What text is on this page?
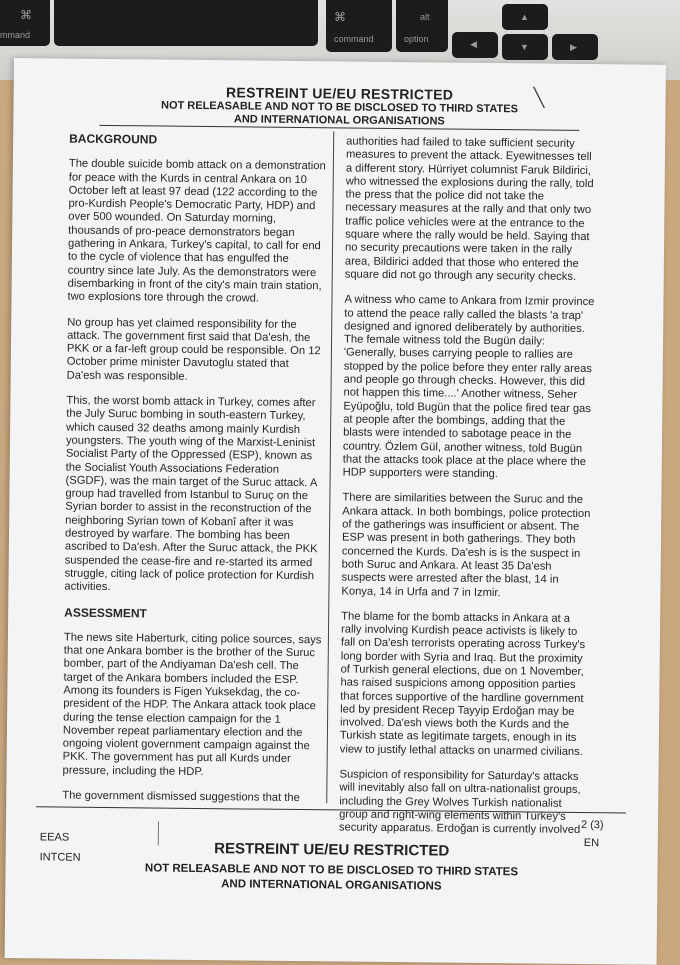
⌘
mmand
⌘
command
alt
option	◀
▲
▼	▶
RESTREINT UE/EU RESTRICTED
NOT RELEASABLE AND NOT TO BE DISCLOSED TO THIRD STATES
AND INTERNATIONAL ORGANISATIONS
╲
BACKGROUND

The double suicide bomb attack on a demonstration for peace with the Kurds in central Ankara on 10 October left at least 97 dead (122 according to the pro-Kurdish People's Democratic Party, HDP) and over 500 wounded. On Saturday morning, thousands of pro-peace demonstrators began gathering in Ankara, Turkey's capital, to call for end to the cycle of violence that has engulfed the country since late July. As the demonstrators were disembarking in front of the city's main train station, two explosions tore through the crowd.

No group has yet claimed responsibility for the attack. The government first said that Da'esh, the PKK or a far-left group could be responsible. On 12 October prime minister Davutoglu stated that Da'esh was responsible.

This, the worst bomb attack in Turkey, comes after the July Suruc bombing in south-eastern Turkey, which caused 32 deaths among mainly Kurdish youngsters. The youth wing of the Marxist-Leninist Socialist Party of the Oppressed (ESP), known as the Socialist Youth Associations Federation (SGDF), was the main target of the Suruc attack. A group had travelled from Istanbul to Suruç on the Syrian border to assist in the reconstruction of the neighboring Syrian town of Kobanî after it was destroyed by warfare. The bombing has been ascribed to Da'esh. After the Suruc attack, the PKK suspended the cease-fire and re-started its armed struggle, citing lack of police protection for Kurdish activities.

ASSESSMENT

The news site Haberturk, citing police sources, says that one Ankara bomber is the brother of the Suruc bomber, part of the Andiyaman Da'esh cell. The target of the Ankara bombers included the ESP. Among its founders is Figen Yuksekdag, the co-president of the HDP. The Ankara attack took place during the tense election campaign for the 1 November repeat parliamentary election and the ongoing violent government campaign against the PKK. The government has put all Kurds under pressure, including the HDP.

The government dismissed suggestions that the

authorities had failed to take sufficient security measures to prevent the attack. Eyewitnesses tell a different story. Hürriyet columnist Faruk Bildirici, who witnessed the explosions during the rally, told the press that the police did not take the necessary measures at the rally and that only two traffic police vehicles were at the entrance to the square where the rally would be held. Saying that no security precautions were taken in the rally area, Bildirici added that those who entered the square did not go through any security checks.

A witness who came to Ankara from Izmir province to attend the peace rally called the blasts 'a trap' designed and ignored deliberately by authorities. The female witness told the Bugün daily: 'Generally, buses carrying people to rallies are stopped by the police before they enter rally areas and people go through checks. However, this did not happen this time....' Another witness, Seher Eyüpoğlu, told Bugün that the police fired tear gas at people after the bombings, adding that the blasts were intended to sabotage peace in the country. Özlem Gül, another witness, told Bugün that the attacks took place at the place where the HDP supporters were standing.

There are similarities between the Suruc and the Ankara attack. In both bombings, police protection of the gatherings was insufficient or absent. The ESP was present in both gatherings. They both concerned the Kurds. Da'esh is is the suspect in both Suruc and Ankara. At least 35 Da'esh suspects were arrested after the blast, 14 in Konya, 14 in Urfa and 7 in Izmir.

The blame for the bomb attacks in Ankara at a rally involving Kurdish peace activists is likely to fall on Da'esh terrorists operating across Turkey's long border with Syria and Iraq. But the proximity of Turkish general elections, due on 1 November, has raised suspicions among opposition parties that forces supportive of the hardline government led by president Recep Tayyip Erdoğan may be involved. Da'esh views both the Kurds and the Turkish state as legitimate targets, enough in its view to justify lethal attacks on unarmed civilians.

Suspicion of responsibility for Saturday's attacks will inevitably also fall on ultra-nationalist groups, including the Grey Wolves Turkish nationalist group and right-wing elements within Turkey's security apparatus. Erdoğan is currently involved 2 (3)
EN
EEAS
INTCEN	RESTREINT UE/EU RESTRICTED
NOT RELEASABLE AND NOT TO BE DISCLOSED TO THIRD STATES
AND INTERNATIONAL ORGANISATIONS
